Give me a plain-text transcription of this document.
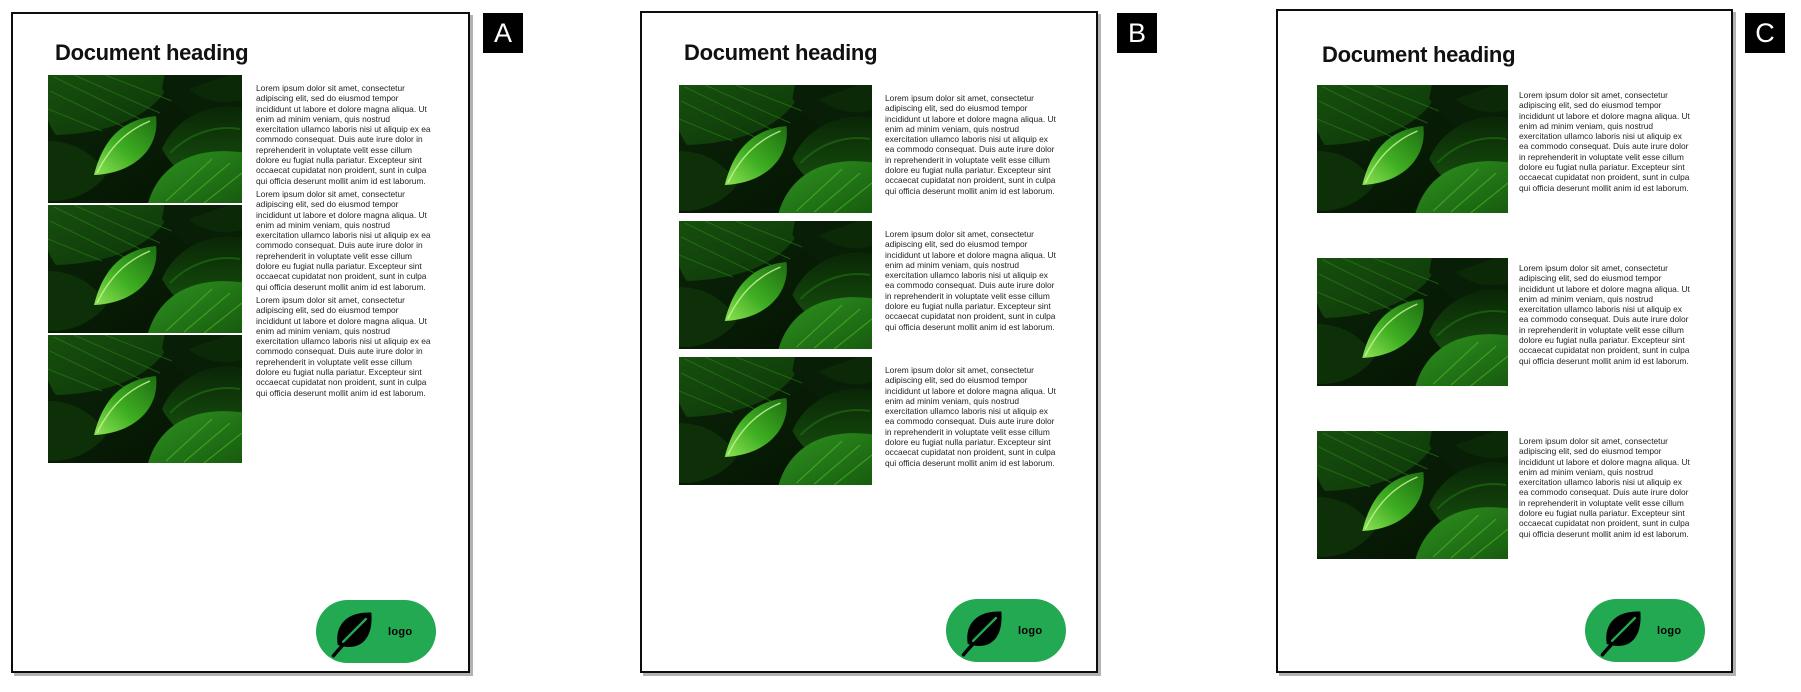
Document heading

Lorem ipsum dolor sit amet, consectetur adipiscing elit, sed do eiusmod tempor incididunt ut labore et dolore magna aliqua. Ut enim ad minim veniam, quis nostrud exercitation ullamco laboris nisi ut aliquip ex ea commodo consequat. Duis aute irure dolor in reprehenderit in voluptate velit esse cillum dolore eu fugiat nulla pariatur. Excepteur sint occaecat cupidatat non proident, sunt in culpa qui officia deserunt mollit anim id est laborum.

Lorem ipsum dolor sit amet, consectetur adipiscing elit, sed do eiusmod tempor incididunt ut labore et dolore magna aliqua. Ut enim ad minim veniam, quis nostrud exercitation ullamco laboris nisi ut aliquip ex ea commodo consequat. Duis aute irure dolor in reprehenderit in voluptate velit esse cillum dolore eu fugiat nulla pariatur. Excepteur sint occaecat cupidatat non proident, sunt in culpa qui officia deserunt mollit anim id est laborum.

Lorem ipsum dolor sit amet, consectetur adipiscing elit, sed do eiusmod tempor incididunt ut labore et dolore magna aliqua. Ut enim ad minim veniam, quis nostrud exercitation ullamco laboris nisi ut aliquip ex ea commodo consequat. Duis aute irure dolor in reprehenderit in voluptate velit esse cillum dolore eu fugiat nulla pariatur. Excepteur sint occaecat cupidatat non proident, sunt in culpa qui officia deserunt mollit anim id est laborum.

logo
A
Document heading

Lorem ipsum dolor sit amet, consectetur adipiscing elit, sed do eiusmod tempor incididunt ut labore et dolore magna aliqua. Ut enim ad minim veniam, quis nostrud exercitation ullamco laboris nisi ut aliquip ex ea commodo consequat. Duis aute irure dolor in reprehenderit in voluptate velit esse cillum dolore eu fugiat nulla pariatur. Excepteur sint occaecat cupidatat non proident, sunt in culpa qui officia deserunt mollit anim id est laborum.

Lorem ipsum dolor sit amet, consectetur adipiscing elit, sed do eiusmod tempor incididunt ut labore et dolore magna aliqua. Ut enim ad minim veniam, quis nostrud exercitation ullamco laboris nisi ut aliquip ex ea commodo consequat. Duis aute irure dolor in reprehenderit in voluptate velit esse cillum dolore eu fugiat nulla pariatur. Excepteur sint occaecat cupidatat non proident, sunt in culpa qui officia deserunt mollit anim id est laborum.

Lorem ipsum dolor sit amet, consectetur adipiscing elit, sed do eiusmod tempor incididunt ut labore et dolore magna aliqua. Ut enim ad minim veniam, quis nostrud exercitation ullamco laboris nisi ut aliquip ex ea commodo consequat. Duis aute irure dolor in reprehenderit in voluptate velit esse cillum dolore eu fugiat nulla pariatur. Excepteur sint occaecat cupidatat non proident, sunt in culpa qui officia deserunt mollit anim id est laborum.

logo
B
Document heading

Lorem ipsum dolor sit amet, consectetur adipiscing elit, sed do eiusmod tempor incididunt ut labore et dolore magna aliqua. Ut enim ad minim veniam, quis nostrud exercitation ullamco laboris nisi ut aliquip ex ea commodo consequat. Duis aute irure dolor in reprehenderit in voluptate velit esse cillum dolore eu fugiat nulla pariatur. Excepteur sint occaecat cupidatat non proident, sunt in culpa qui officia deserunt mollit anim id est laborum.

Lorem ipsum dolor sit amet, consectetur adipiscing elit, sed do eiusmod tempor incididunt ut labore et dolore magna aliqua. Ut enim ad minim veniam, quis nostrud exercitation ullamco laboris nisi ut aliquip ex ea commodo consequat. Duis aute irure dolor in reprehenderit in voluptate velit esse cillum dolore eu fugiat nulla pariatur. Excepteur sint occaecat cupidatat non proident, sunt in culpa qui officia deserunt mollit anim id est laborum.

Lorem ipsum dolor sit amet, consectetur adipiscing elit, sed do eiusmod tempor incididunt ut labore et dolore magna aliqua. Ut enim ad minim veniam, quis nostrud exercitation ullamco laboris nisi ut aliquip ex ea commodo consequat. Duis aute irure dolor in reprehenderit in voluptate velit esse cillum dolore eu fugiat nulla pariatur. Excepteur sint occaecat cupidatat non proident, sunt in culpa qui officia deserunt mollit anim id est laborum.

logo
C
